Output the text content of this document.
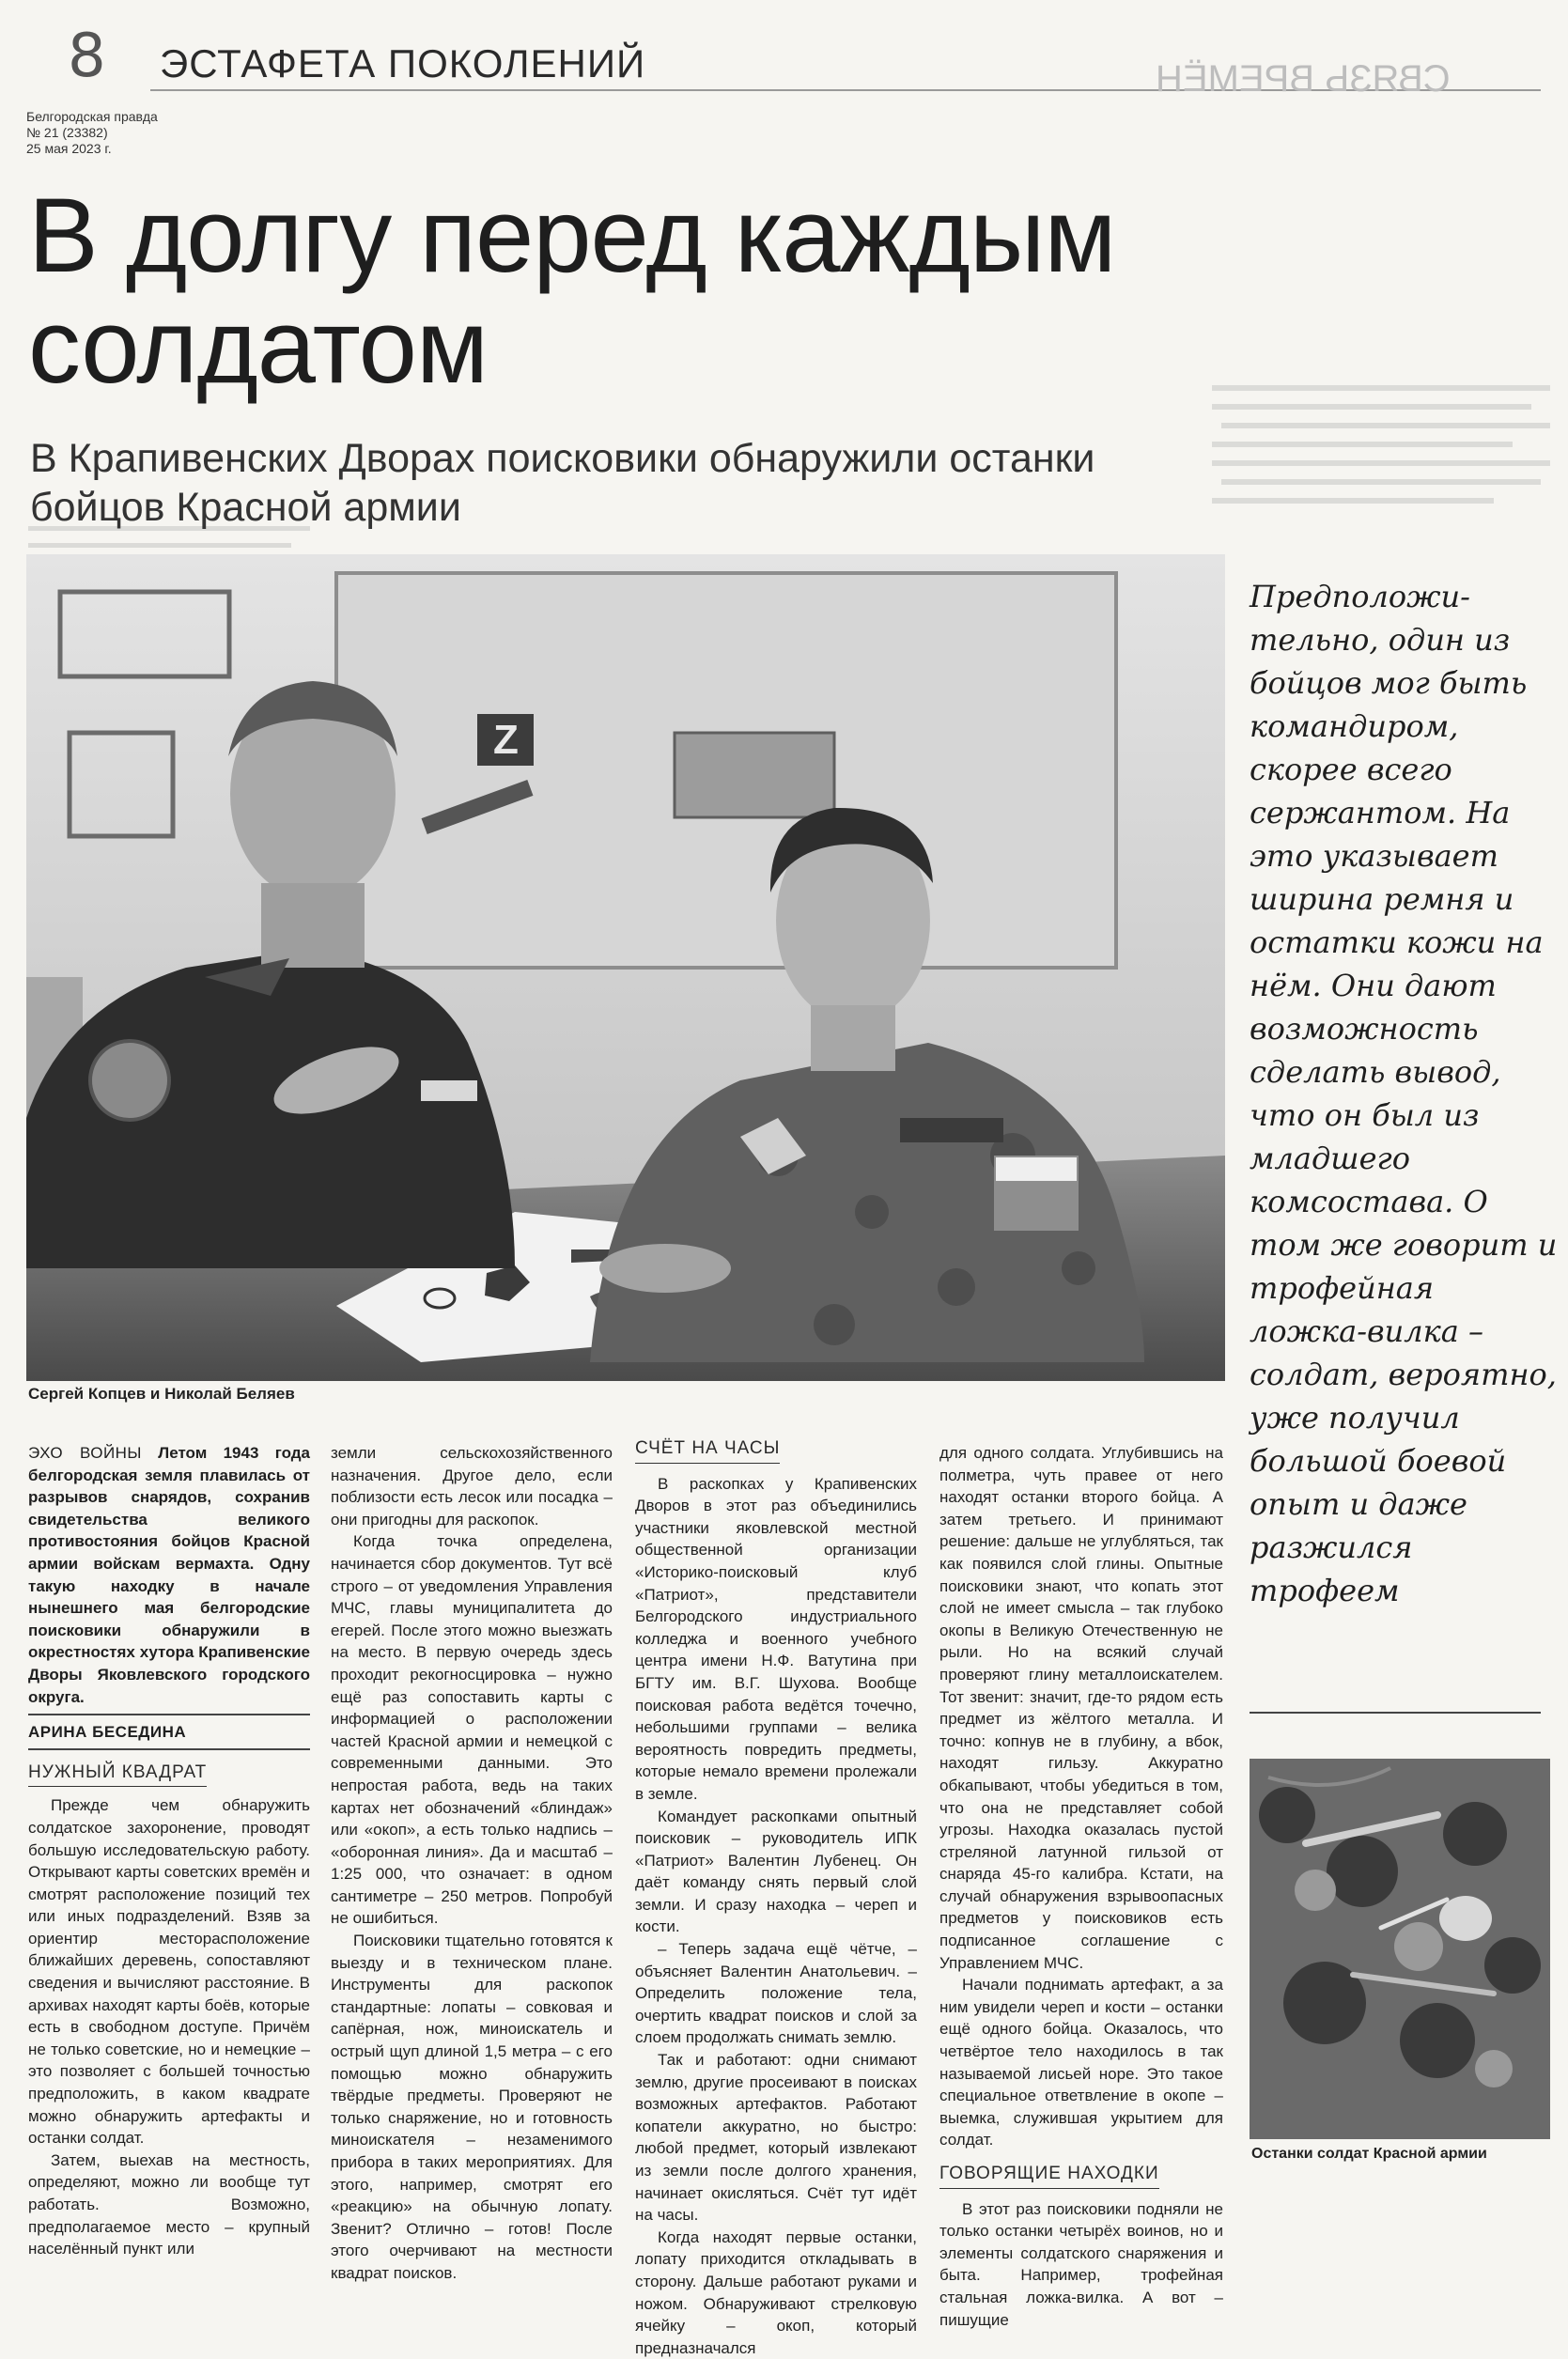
8 ЭСТАФЕТА ПОКОЛЕНИЙ	СВЯЗЬ ВРЕМЁН
Белгородская правда
№ 21 (23382)
25 мая 2023 г.
В долгу перед каждым
солдатом

В Крапивенских Дворах поисковики обнаружили останки бойцов Красной армии

Z
Сергей Копцев и Николай Беляев
Предположи-тельно, один из бойцов мог быть командиром, скорее всего сержантом. На это указывает ширина ремня и остатки кожи на нём. Они дают возможность сделать вывод, что он был из младшего комсостава. О том же говорит и трофейная ложка-вилка – солдат, вероятно, уже получил большой боевой опыт и даже разжился трофеем

ЭХО ВОЙНЫ Летом 1943 года белгородская земля плавилась от разрывов снарядов, сохранив свидетельства великого противостояния бойцов Красной армии войскам вермахта. Одну такую находку в начале нынешнего мая белгородские поисковики обнаружили в окрестностях хутора Крапивенские Дворы Яковлевского городского округа.

АРИНА БЕСЕДИНА
НУЖНЫЙ КВАДРАТ

Прежде чем обнаружить солдатское захоронение, проводят большую исследовательскую работу. Открывают карты советских времён и смотрят расположение позиций тех или иных подразделений. Взяв за ориентир месторасположение ближайших деревень, сопоставляют сведения и вычисляют расстояние. В архивах находят карты боёв, которые есть в свободном доступе. Причём не только советские, но и немецкие – это позволяет с большей точностью предположить, в каком квадрате можно обнаружить артефакты и останки солдат.

Затем, выехав на местность, определяют, можно ли вообще тут работать. Возможно, предполагаемое место – крупный населённый пункт или

земли сельскохозяйственного назначения. Другое дело, если поблизости есть лесок или посадка – они пригодны для раскопок.

Когда точка определена, начинается сбор документов. Тут всё строго – от уведомления Управления МЧС, главы муниципалитета до егерей. После этого можно выезжать на место. В первую очередь здесь проходит рекогносцировка – нужно ещё раз сопоставить карты с информацией о расположении частей Красной армии и немецкой с современными данными. Это непростая работа, ведь на таких картах нет обозначений «блиндаж» или «окоп», а есть только надпись – «оборонная линия». Да и масштаб – 1:25 000, что означает: в одном сантиметре – 250 метров. Попробуй не ошибиться.

Поисковики тщательно готовятся к выезду и в техническом плане. Инструменты для раскопок стандартные: лопаты – совковая и сапёрная, нож, миноискатель и острый щуп длиной 1,5 метра – с его помощью можно обнаружить твёрдые предметы. Проверяют не только снаряжение, но и готовность миноискателя – незаменимого прибора в таких мероприятиях. Для этого, например, смотрят его «реакцию» на обычную лопату. Звенит? Отлично – готов! После этого очерчивают на местности квадрат поисков.

СЧЁТ НА ЧАСЫ

В раскопках у Крапивенских Дворов в этот раз объединились участники яковлевской местной общественной организации «Историко-поисковый клуб «Патриот», представители Белгородского индустриального колледжа и военного учебного центра имени Н.Ф. Ватутина при БГТУ им. В.Г. Шухова. Вообще поисковая работа ведётся точечно, небольшими группами – велика вероятность повредить предметы, которые немало времени пролежали в земле.

Командует раскопками опытный поисковик – руководитель ИПК «Патриот» Валентин Лубенец. Он даёт команду снять первый слой земли. И сразу находка – череп и кости.

– Теперь задача ещё чётче, – объясняет Валентин Анатольевич. – Определить положение тела, очертить квадрат поисков и слой за слоем продолжать снимать землю.

Так и работают: одни снимают землю, другие просеивают в поисках возможных артефактов. Работают копатели аккуратно, но быстро: любой предмет, который извлекают из земли после долгого хранения, начинает окисляться. Счёт тут идёт на часы.

Когда находят первые останки, лопату приходится откладывать в сторону. Дальше работают руками и ножом. Обнаруживают стрелковую ячейку – окоп, который предназначался

для одного солдата. Углубившись на полметра, чуть правее от него находят останки второго бойца. А затем третьего. И принимают решение: дальше не углубляться, так как появился слой глины. Опытные поисковики знают, что копать этот слой не имеет смысла – так глубоко окопы в Великую Отечественную не рыли. Но на всякий случай проверяют глину металлоискателем. Тот звенит: значит, где-то рядом есть предмет из жёлтого металла. И точно: копнув не в глубину, а вбок, находят гильзу. Аккуратно обкапывают, чтобы убедиться в том, что она не представляет собой угрозы. Находка оказалась пустой стреляной латунной гильзой от снаряда 45-го калибра. Кстати, на случай обнаружения взрывоопасных предметов у поисковиков есть подписанное соглашение с Управлением МЧС.

Начали поднимать артефакт, а за ним увидели череп и кости – останки ещё одного бойца. Оказалось, что четвёртое тело находилось в так называемой лисьей норе. Это такое специальное ответвление в окопе – выемка, служившая укрытием для солдат.

ГОВОРЯЩИЕ НАХОДКИ

В этот раз поисковики подняли не только останки четырёх воинов, но и элементы солдатского снаряжения и быта. Например, трофейная стальная ложка-вилка. А вот – пишущие

Останки солдат Красной армии
